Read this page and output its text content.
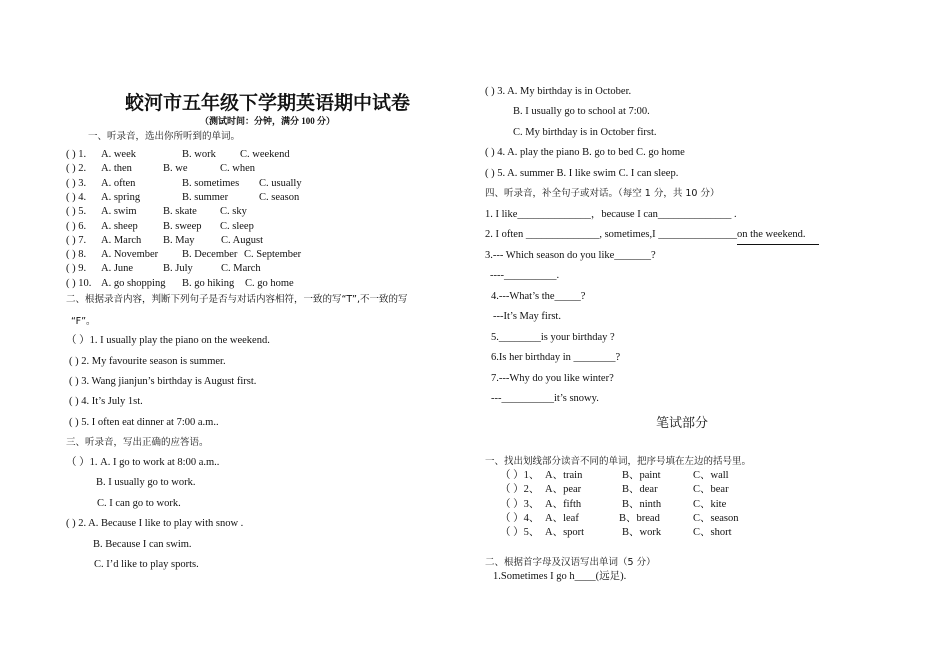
蛟河市五年级下学期英语期中试卷
（测试时间：分钟，满分 100 分）
一、听录音，选出你所听到的单词。
( ) 1. A. week	B. work C. weekend
( ) 2. A. then	B. we	C. when
( ) 3. A. often	B. sometimes C. usually
( ) 4. A. spring	B. summer	C. season
( ) 5. A. swim	B. skate C. sky
( ) 6. A. sheep B. sweep C. sleep
( ) 7. A. March B. May	C. August
( ) 8. A. November B. December C. September
( ) 9. A. June	B. July	C. March
( ) 10. A. go shopping B. go hiking C. go home
二、根据录音内容，判断下列句子是否与对话内容相符，一致的写“T”,不一致的写
“F”。
（ ）1. I usually play the piano on the weekend.
( ) 2. My favourite season is summer.
( ) 3. Wang jianjun’s birthday is August first.
( ) 4. It’s July 1st.
( ) 5. I often eat dinner at 7:00 a.m..
三、听录音，写出正确的应答语。
（ ）1. A. I go to work at 8:00 a.m..
B. I usually go to work.
C. I can go to work.
( ) 2. A. Because I like to play with snow .
B. Because I can swim.
C. I’d like to play sports.
( ) 3. A. My birthday is in October.
B. I usually go to school at 7:00.
C. My birthday is in October first.
( ) 4. A. play the piano B. go to bed C. go home
( ) 5. A. summer B. I like swim C. I can sleep.
四、听录音，补全句子或对话。（每空 1 分，共 10 分）
1. I like______________，because I can______________ .
2. I often ______________, sometimes,I _______________on the weekend.
3.--- Which season do you like_______?
----__________.
4.---What’s the_____?
---It’s May first.
5.________is your birthday ?
6.Is her birthday in ________?
7.---Why do you like winter?
---__________it’s snowy.
笔试部分
一、找出划线部分读音不同的单词，把序号填在左边的括号里。
（ ）1、 A、train	B、paint	C、wall
（ ）2、 A、pear	B、dear	C、bear
（ ）3、 A、fifth	B、ninth	C、kite
（ ）4、 A、leaf	B、bread	C、season
（ ）5、 A、sport	B、work	C、short
二、根据首字母及汉语写出单词（5 分）
1.Sometimes I go h____(远足).
